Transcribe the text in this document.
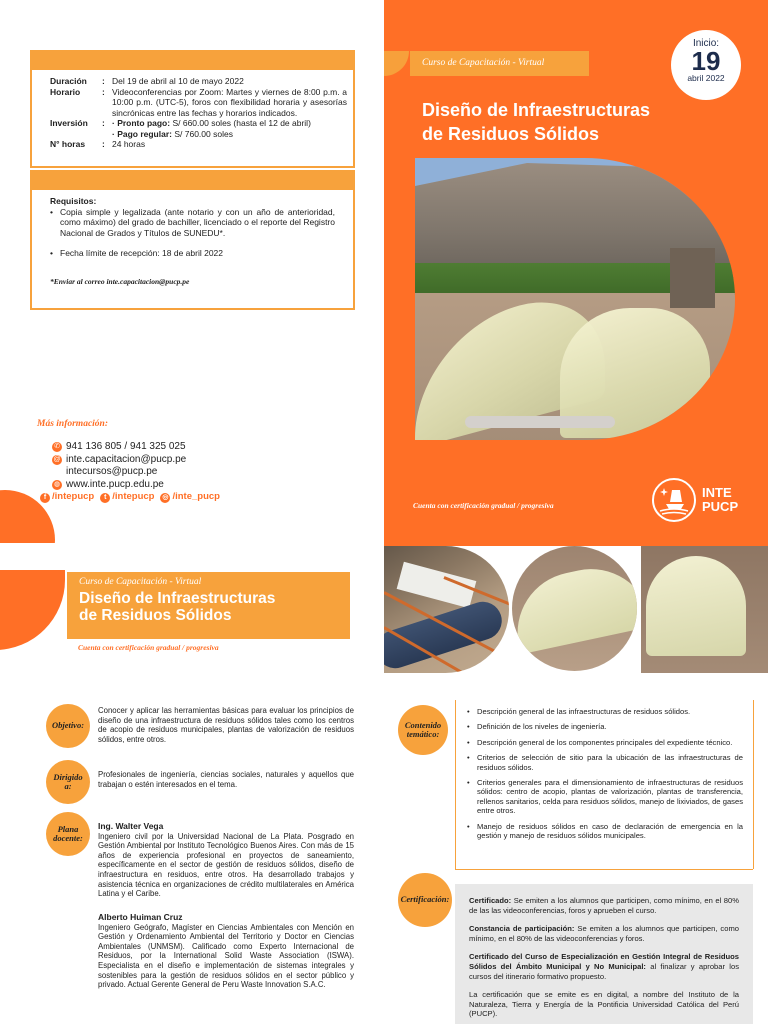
Duración	: Del 19 de abril al 10 de mayo 2022
Horario	: Videoconferencias por Zoom: Martes y viernes de 8:00 p.m. a 10:00 p.m. (UTC-5), foros con flexibilidad horaria y asesorías sincrónicas entre las fechas y horarios indicados.
Inversión	: · Pronto pago: S/ 660.00 soles (hasta el 12 de abril)
· Pago regular: S/ 760.00 soles
N° horas	: 24 horas
Requisitos:
• Copia simple y legalizada (ante notario y con un año de anterioridad, como máximo) del grado de bachiller, licenciado o el reporte del Registro Nacional de Grados y Títulos de SUNEDU*.
• Fecha límite de recepción: 18 de abril 2022
*Enviar al correo inte.capacitacion@pucp.pe
Más información:
✆ 941 136 805 / 941 325 025
@ inte.capacitacion@pucp.pe
intecursos@pucp.pe
◍ www.inte.pucp.edu.pe
f /intepucp	t /intepucp ◎ /inte_pucp
Curso de Capacitación - Virtual
Inicio:
19
abril 2022
Diseño de Infraestructuras
de Residuos Sólidos
Cuenta con certificación gradual / progresiva
INTE
PUCP
Curso de Capacitación - Virtual
Diseño de Infraestructuras
de Residuos Sólidos
Cuenta con certificación gradual / progresiva
Objetivo:
Conocer y aplicar las herramientas básicas para evaluar los principios de diseño de una infraestructura de residuos sólidos tales como los centros de acopio de residuos municipales, plantas de valorización de residuos sólidos, entre otros.
Dirigido
a:
Profesionales de ingeniería, ciencias sociales, naturales y aquellos que trabajan o estén interesados en el tema.
Plana
docente:
Ing. Walter Vega
Ingeniero civil por la Universidad Nacional de La Plata. Posgrado en Gestión Ambiental por Instituto Tecnológico Buenos Aires. Con más de 15 años de experiencia profesional en proyectos de saneamiento, específicamente en el sector de gestión de residuos sólidos, diseño de infraestructura en residuos, entre otros. Ha desarrollado trabajos y asistencia técnica en organizaciones de crédito multilaterales en América Latina y el Caribe.
Alberto Huiman Cruz
Ingeniero Geógrafo, Magíster en Ciencias Ambientales con Mención en Gestión y Ordenamiento Ambiental del Territorio y Doctor en Ciencias Ambientales (UNMSM). Calificado como Experto Internacional de Residuos, por la International Solid Waste Association (ISWA). Especialista en el diseño e implementación de sistemas integrales y sostenibles para la gestión de residuos sólidos en el sector público y privado. Actual Gerente General de Peru Waste Innovation S.A.C.
Contenido
temático:
• Descripción general de las infraestructuras de residuos sólidos.
• Definición de los niveles de ingeniería.
• Descripción general de los componentes principales del expediente técnico.
• Criterios de selección de sitio para la ubicación de las infraestructuras de residuos sólidos.
• Criterios generales para el dimensionamiento de infraestructuras de residuos sólidos: centro de acopio, plantas de valorización, plantas de transferencia, rellenos sanitarios, celda para residuos sólidos, manejo de lixiviados, de gases entre otros.
• Manejo de residuos sólidos en caso de declaración de emergencia en la gestión y manejo de residuos sólidos municipales.
Certificación:	Certificado: Se emiten a los alumnos que participen, como mínimo, en el 80% de las las videoconferencias, foros y aprueben el curso.

Constancia de participación: Se emiten a los alumnos que participen, como mínimo, en el 80% de las videoconferencias y foros.

Certificado del Curso de Especialización en Gestión Integral de Residuos Sólidos del Ámbito Municipal y No Municipal: al finalizar y aprobar los cursos del itinerario formativo propuesto.

La certificación que se emite es en digital, a nombre del Instituto de la Naturaleza, Tierra y Energía de la Pontificia Universidad Católica del Perú (PUCP).
